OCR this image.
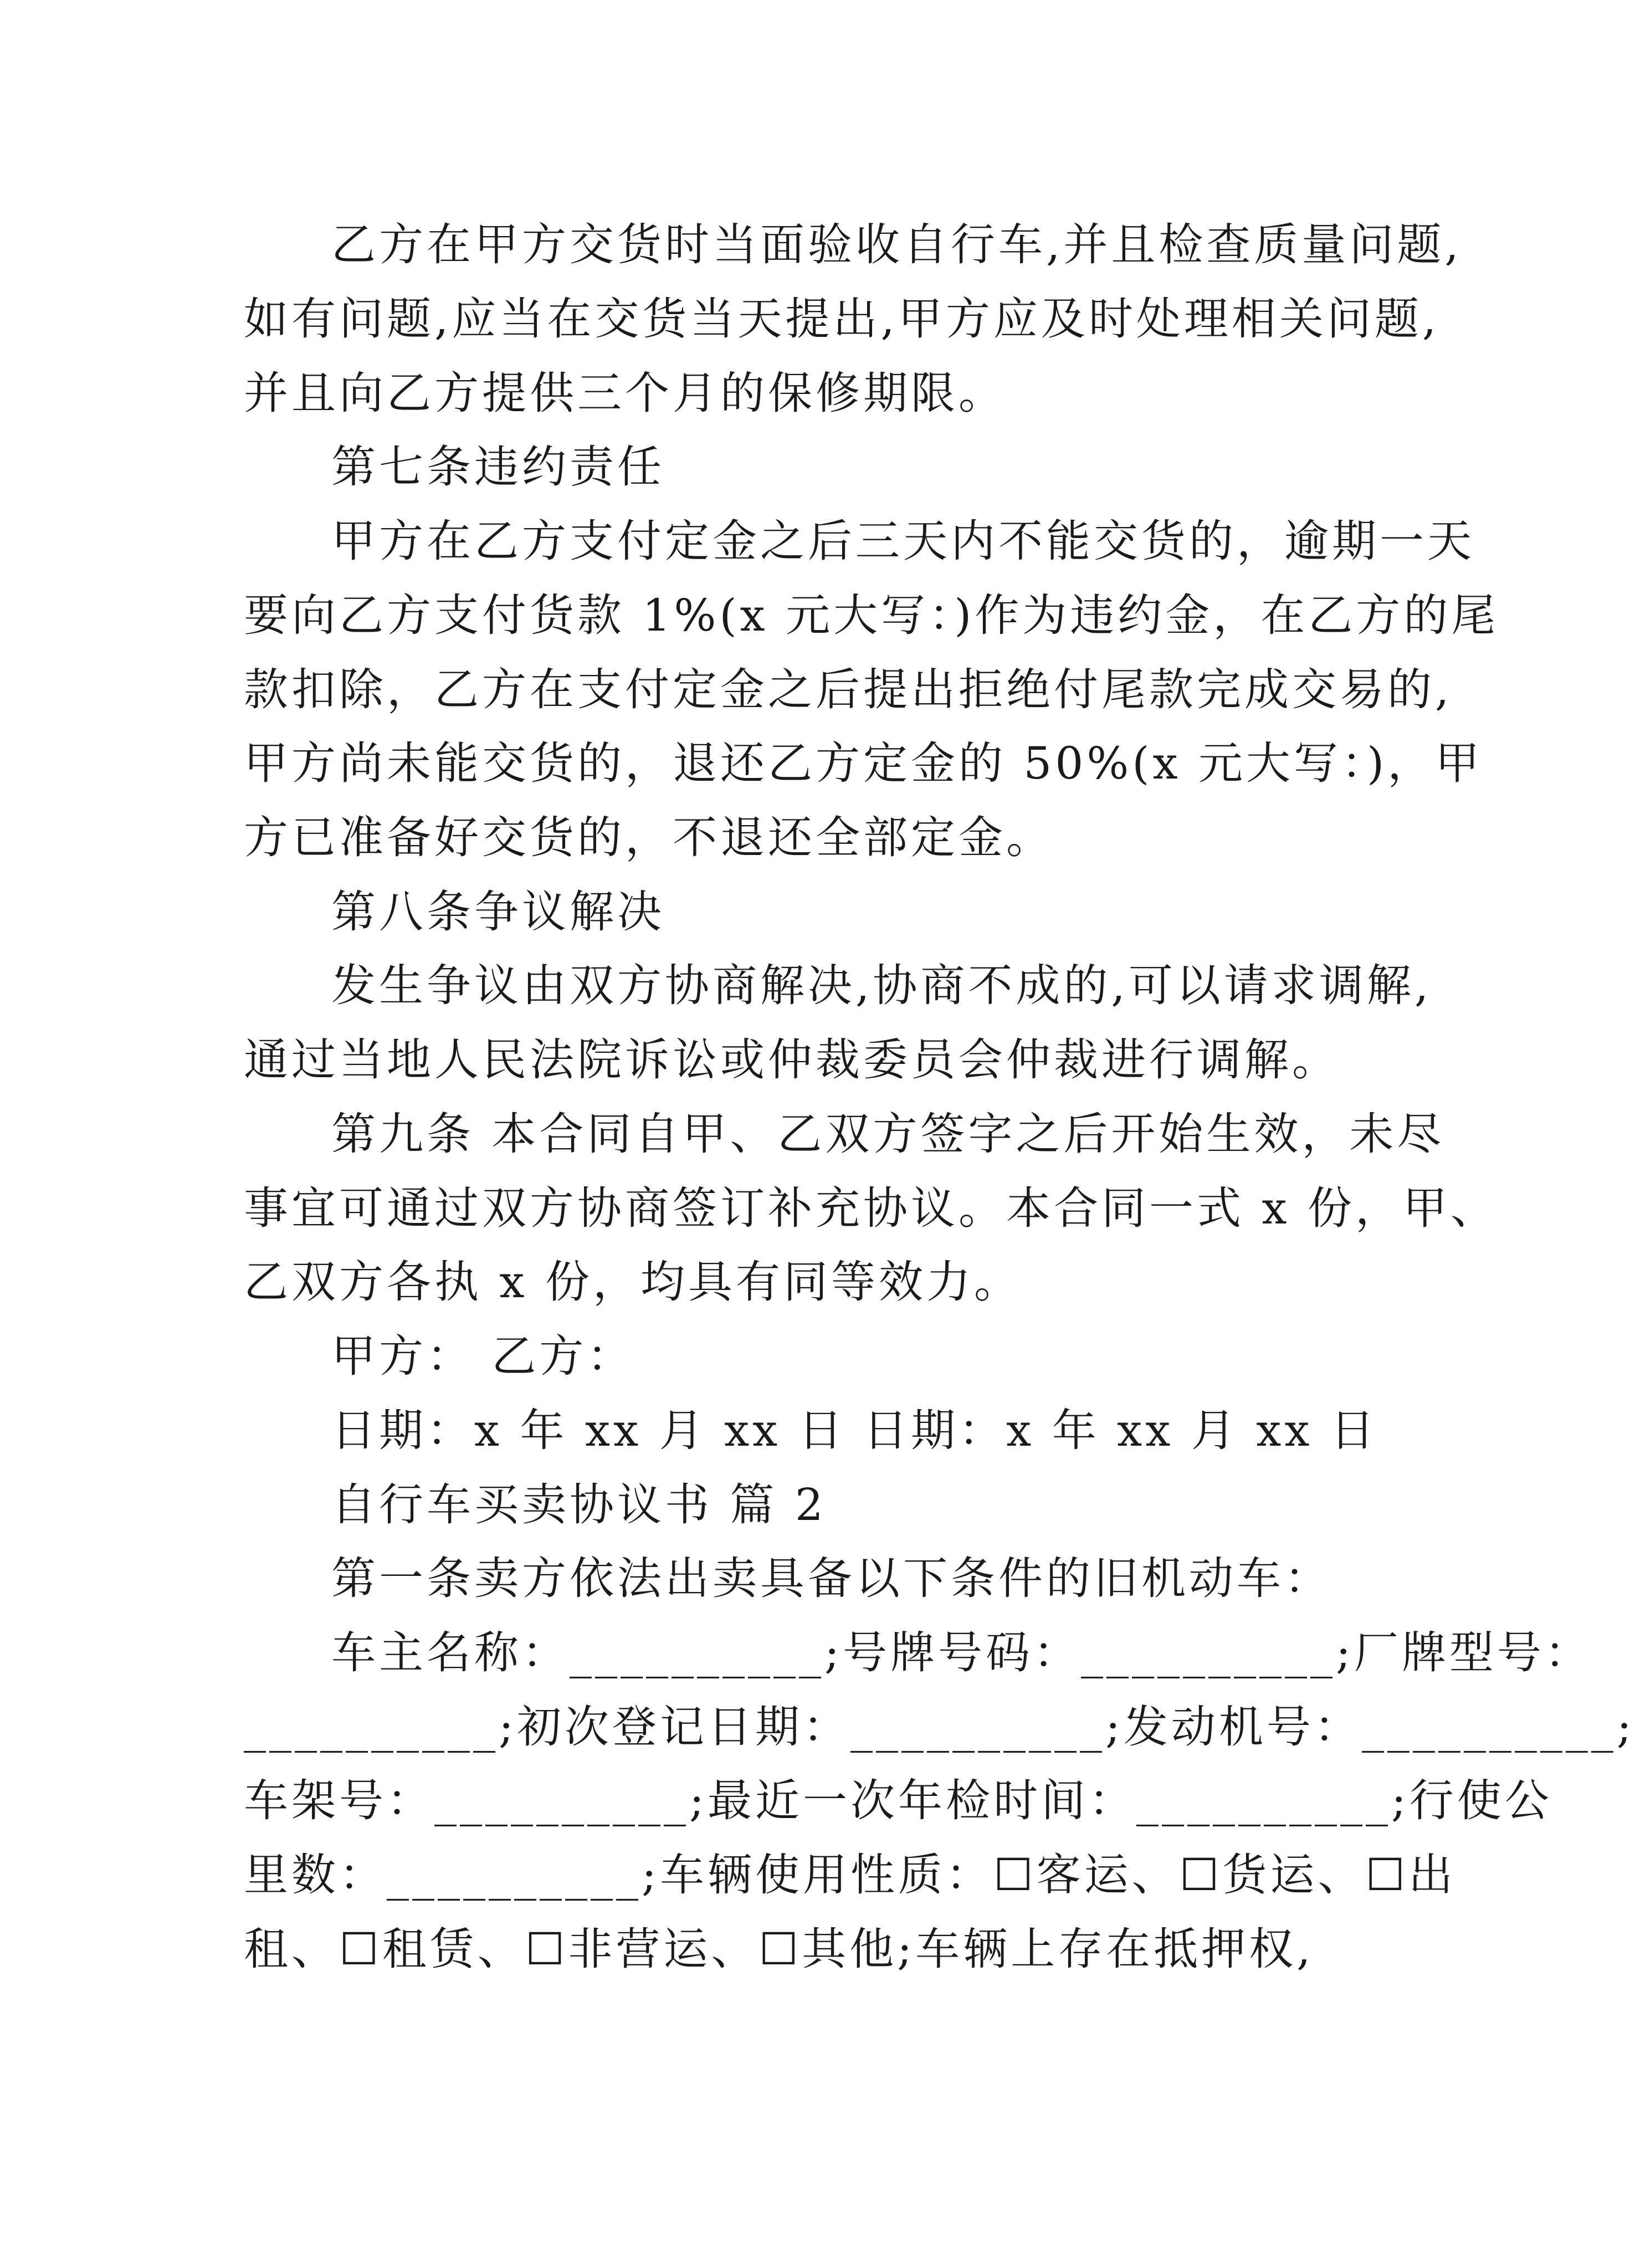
乙方在甲方交货时当面验收自行车,并且检查质量问题,
如有问题,应当在交货当天提出,甲方应及时处理相关问题,
并且向乙方提供三个月的保修期限。
第七条违约责任
甲方在乙方支付定金之后三天内不能交货的，逾期一天
要向乙方支付货款 1%(x 元大写：)作为违约金，在乙方的尾
款扣除，乙方在支付定金之后提出拒绝付尾款完成交易的,
甲方尚未能交货的，退还乙方定金的 50%(x 元大写：)，甲
方已准备好交货的，不退还全部定金。
第八条争议解决
发生争议由双方协商解决,协商不成的,可以请求调解,
通过当地人民法院诉讼或仲裁委员会仲裁进行调解。
第九条 本合同自甲、乙双方签字之后开始生效，未尽
事宜可通过双方协商签订补充协议。本合同一式 x 份，甲、
乙双方各执 x 份，均具有同等效力。
甲方： 乙方：
日期：x 年 xx 月 xx 日 日期：x 年 xx 月 xx 日
自行车买卖协议书 篇 2
第一条卖方依法出卖具备以下条件的旧机动车：
车主名称：__________;号牌号码：__________;厂牌型号：
__________;初次登记日期：__________;发动机号：__________;
车架号：__________;最近一次年检时间：__________;行使公
里数：__________;车辆使用性质：☐客运、☐货运、☐出
租、☐租赁、☐非营运、☐其他;车辆上存在抵押权,
